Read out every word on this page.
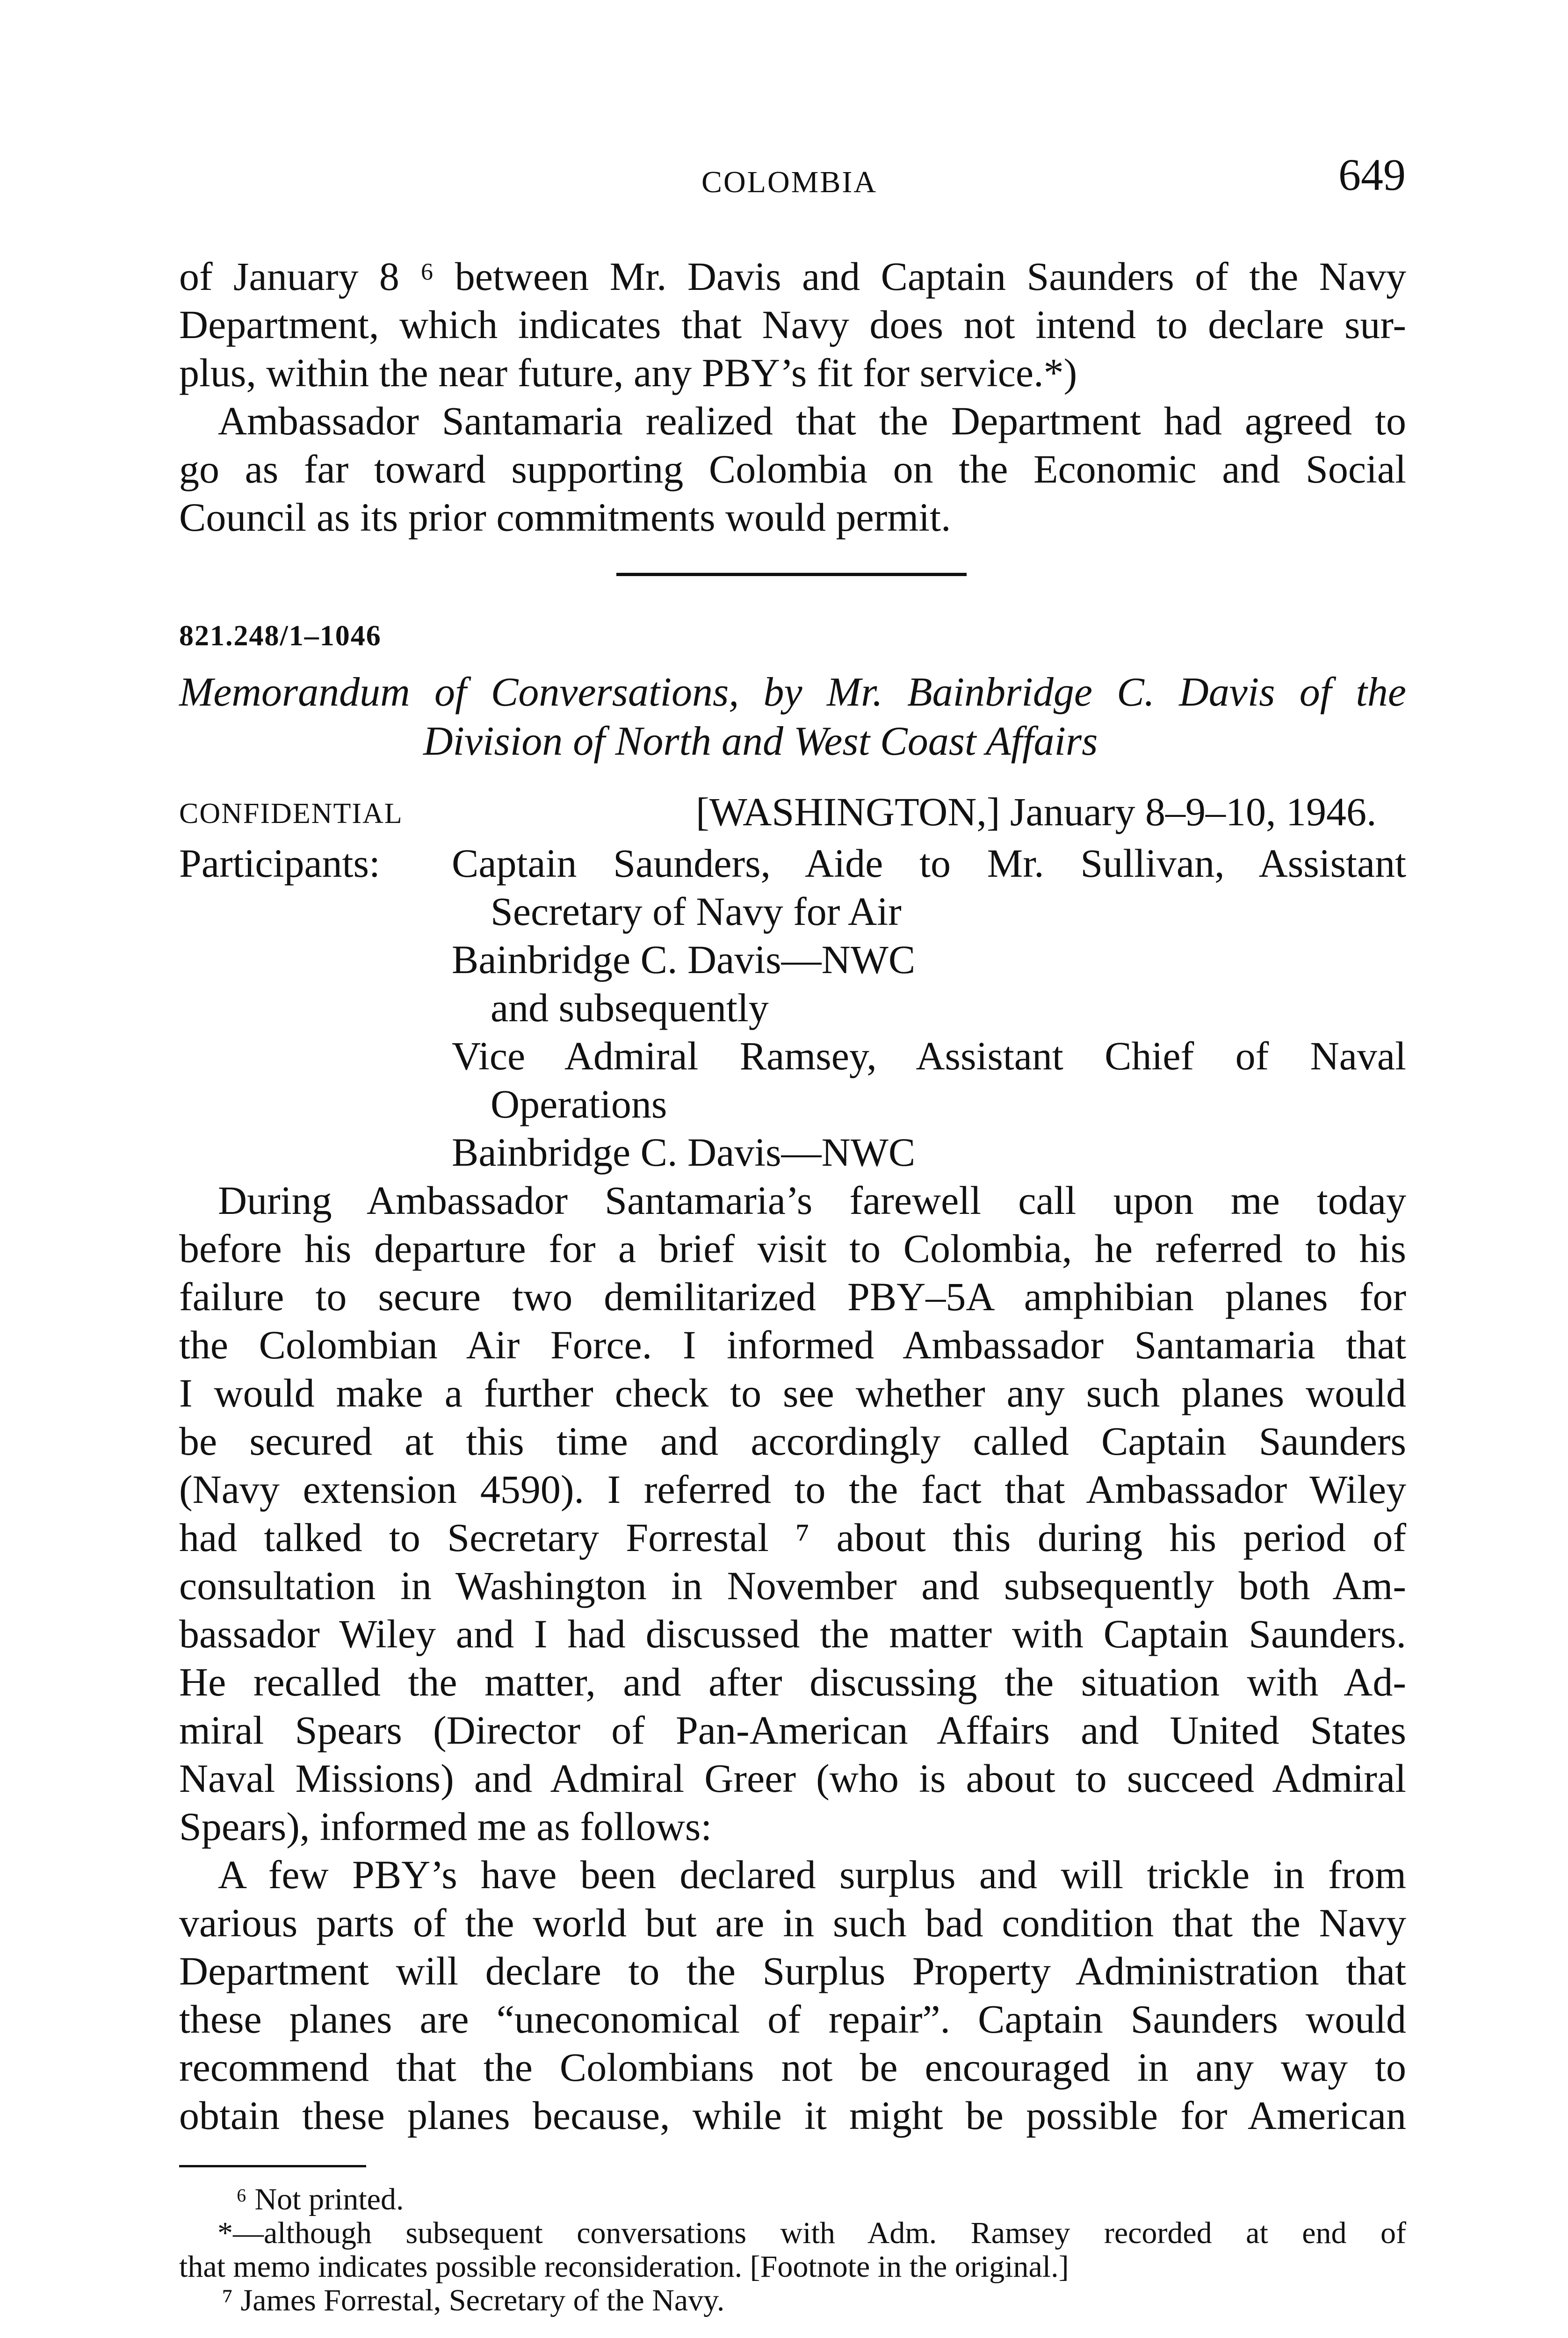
COLOMBIA	649
of January 8 ⁶ between Mr. Davis and Captain Saunders of the Navy
Department, which indicates that Navy does not intend to declare sur-
plus, within the near future, any PBY’s fit for service.*)
Ambassador Santamaria realized that the Department had agreed to
go as far toward supporting Colombia on the Economic and Social
Council as its prior commitments would permit.
821.248/1–1046
Memorandum of Conversations, by Mr. Bainbridge C. Davis of the
Division of North and West Coast Affairs
CONFIDENTIAL	[WASHINGTON,] January 8–9–10, 1946.
Participants: Captain Saunders, Aide to Mr. Sullivan, Assistant
Secretary of Navy for Air
Bainbridge C. Davis—NWC
and subsequently
Vice Admiral Ramsey, Assistant Chief of Naval
Operations
Bainbridge C. Davis—NWC
During Ambassador Santamaria’s farewell call upon me today
before his departure for a brief visit to Colombia, he referred to his
failure to secure two demilitarized PBY–5A amphibian planes for
the Colombian Air Force. I informed Ambassador Santamaria that
I would make a further check to see whether any such planes would
be secured at this time and accordingly called Captain Saunders
(Navy extension 4590). I referred to the fact that Ambassador Wiley
had talked to Secretary Forrestal ⁷ about this during his period of
consultation in Washington in November and subsequently both Am-
bassador Wiley and I had discussed the matter with Captain Saunders.
He recalled the matter, and after discussing the situation with Ad-
miral Spears (Director of Pan-American Affairs and United States
Naval Missions) and Admiral Greer (who is about to succeed Admiral
Spears), informed me as follows:
A few PBY’s have been declared surplus and will trickle in from
various parts of the world but are in such bad condition that the Navy
Department will declare to the Surplus Property Administration that
these planes are “uneconomical of repair”. Captain Saunders would
recommend that the Colombians not be encouraged in any way to
obtain these planes because, while it might be possible for American
⁶ Not printed.
*—although subsequent conversations with Adm. Ramsey recorded at end of
that memo indicates possible reconsideration. [Footnote in the original.]
⁷ James Forrestal, Secretary of the Navy.
